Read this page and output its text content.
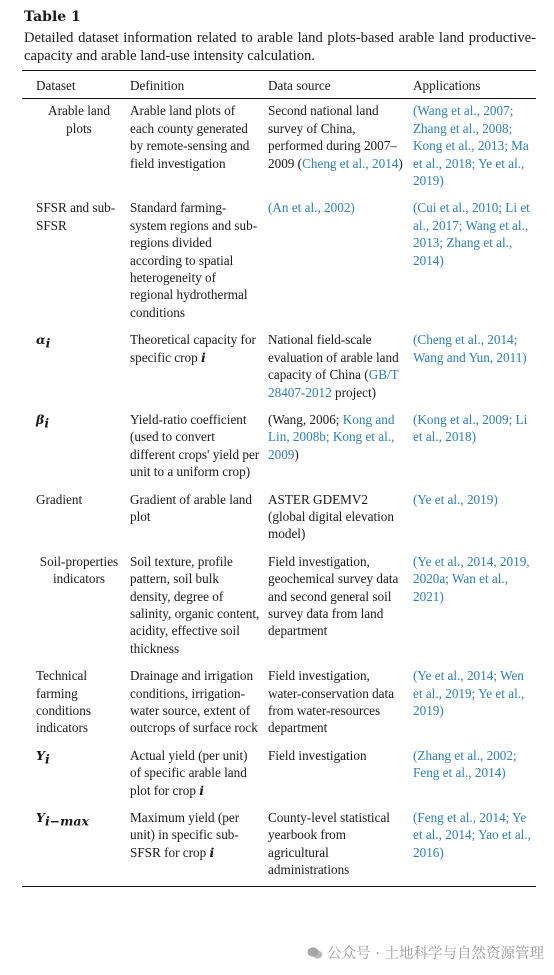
Table 1
Detailed dataset information related to arable land plots-based arable land productive-capacity and arable land-use intensity calculation.
Dataset	Definition	Data source	Applications
Arable land plots	Arable land plots of each county generated by remote-sensing and field investigation	Second national land survey of China, performed during 2007–2009 (Cheng et al., 2014)	(Wang et al., 2007; Zhang et al., 2008; Kong et al., 2013; Ma et al., 2018; Ye et al., 2019)
SFSR and sub-SFSR	Standard farming-system regions and sub-regions divided according to spatial heterogeneity of regional hydrothermal conditions	(An et al., 2002)	(Cui et al., 2010; Li et al., 2017; Wang et al., 2013; Zhang et al., 2014)
$\alpha_i$	Theoretical capacity for specific crop i	National field-scale evaluation of arable land capacity of China (GB/T 28407-2012 project)	(Cheng et al., 2014; Wang and Yun, 2011)
$\beta_i$	Yield-ratio coefficient (used to convert different crops' yield per unit to a uniform crop)	(Wang, 2006; Kong and Lin, 2008b; Kong et al., 2009)	(Kong et al., 2009; Li et al., 2018)
Gradient	Gradient of arable land plot	ASTER GDEMV2 (global digital elevation model)	(Ye et al., 2019)
Soil-properties indicators	Soil texture, profile pattern, soil bulk density, degree of salinity, organic content, acidity, effective soil thickness	Field investigation, geochemical survey data and second general soil survey data from land department	(Ye et al., 2014, 2019, 2020a; Wan et al., 2021)
Technical farming conditions indicators	Drainage and irrigation conditions, irrigation-water source, extent of outcrops of surface rock	Field investigation, water-conservation data from water-resources department	(Ye et al., 2014; Wen et al., 2019; Ye et al., 2019)
$Y_i$	Actual yield (per unit) of specific arable land plot for crop i	Field investigation	(Zhang et al., 2002; Feng et al., 2014)
$Y_{i-max}$	Maximum yield (per unit) in specific sub-SFSR for crop i	County-level statistical yearbook from agricultural administrations	(Feng et al., 2014; Ye et al., 2014; Yao et al., 2016)
公众号 · 土地科学与自然资源管理
